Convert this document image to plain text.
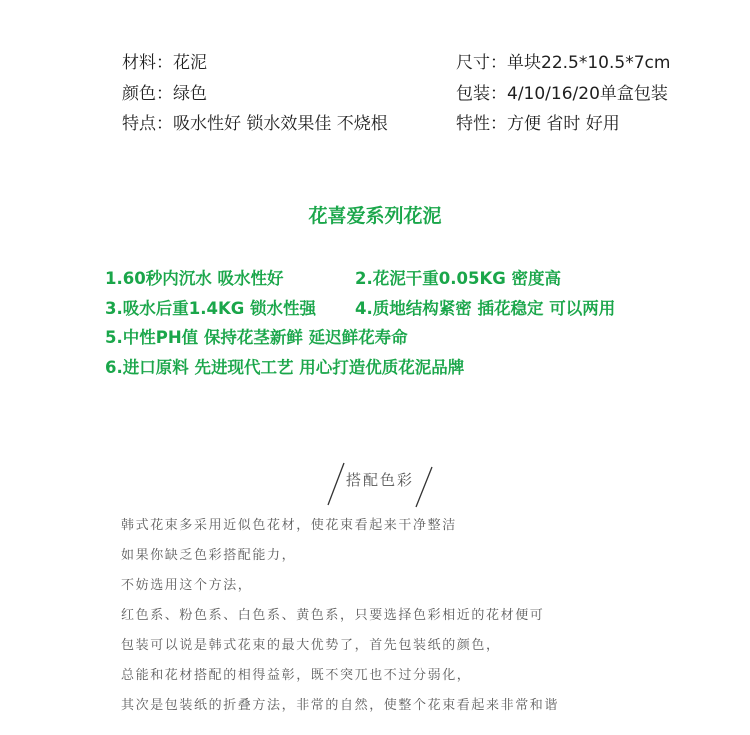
材料：花泥
颜色：绿色
特点：吸水性好 锁水效果佳 不烧根
尺寸：单块22.5*10.5*7cm
包装：4/10/16/20单盒包装
特性：方便 省时 好用
花喜爱系列花泥
1.60秒内沉水 吸水性好	2.花泥干重0.05KG 密度高
3.吸水后重1.4KG 锁水性强 4.质地结构紧密 插花稳定 可以两用
5.中性PH值 保持花茎新鲜 延迟鲜花寿命
6.进口原料 先进现代工艺 用心打造优质花泥品牌
搭配色彩
韩式花束多采用近似色花材，使花束看起来干净整洁
如果你缺乏色彩搭配能力，
不妨选用这个方法，
红色系、粉色系、白色系、黄色系，只要选择色彩相近的花材便可
包装可以说是韩式花束的最大优势了，首先包装纸的颜色，
总能和花材搭配的相得益彰，既不突兀也不过分弱化，
其次是包装纸的折叠方法，非常的自然，使整个花束看起来非常和谐
